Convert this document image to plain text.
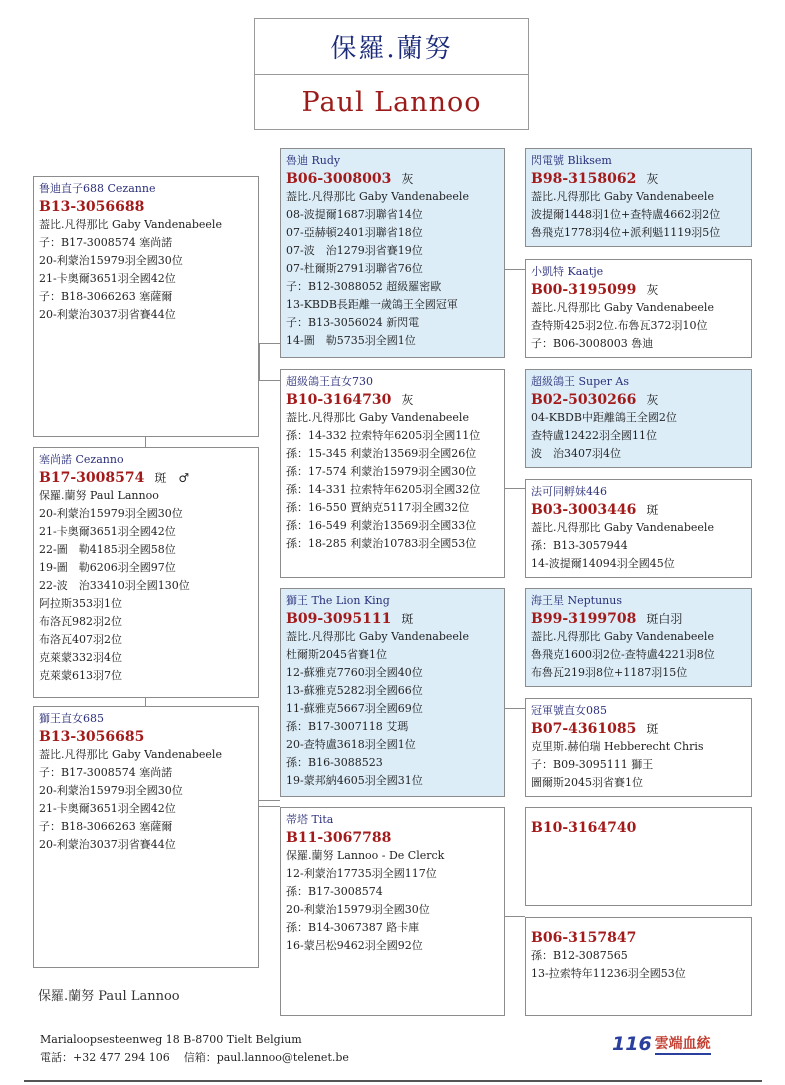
保羅.蘭努
Paul Lannoo
鲁迪直子688 Cezanne
B13-3056688
葢比.凡得那比 Gaby Vandenabeele
子：B17-3008574 塞尚諾
20-利蒙治15979羽全國30位
21-卡奥爾3651羽全國42位
子：B18-3066263 塞薩爾
20-利蒙治3037羽省賽44位
塞尚諾 Cezanno
B17-3008574 斑　♂
保羅.蘭努 Paul Lannoo
20-利蒙治15979羽全國30位
21-卡奥爾3651羽全國42位
22-圖　勒4185羽全國58位
19-圖　勒6206羽全國97位
22-波　治33410羽全國130位
阿拉斯353羽1位
布洛瓦982羽2位
布洛瓦407羽2位
克萊蒙332羽4位
克萊蒙613羽7位
獅王直女685
B13-3056685
葢比.凡得那比 Gaby Vandenabeele
子：B17-3008574 塞尚諾
20-利蒙治15979羽全國30位
21-卡奥爾3651羽全國42位
子：B18-3066263 塞薩爾
20-利蒙治3037羽省賽44位
魯迪 Rudy
B06-3008003 灰
葢比.凡得那比 Gaby Vandenabeele
08-波提爾1687羽聯省14位
07-亞赫頓2401羽聯省18位
07-波　治1279羽省賽19位
07-杜爾斯2791羽聯省76位
子：B12-3088052 超級羅密歐
13-KBDB長距離一歲鴿王全國冠軍
子：B13-3056024 新閃電
14-圖　勒5735羽全國1位
超級鴿王直女730
B10-3164730 灰
葢比.凡得那比 Gaby Vandenabeele
孫：14-332 拉索特年6205羽全國11位
孫：15-345 利蒙治13569羽全國26位
孫：17-574 利蒙治15979羽全國30位
孫：14-331 拉索特年6205羽全國32位
孫：16-550 賈納克5117羽全國32位
孫：16-549 利蒙治13569羽全國33位
孫：18-285 利蒙治10783羽全國53位
獅王 The Lion King
B09-3095111 斑
葢比.凡得那比 Gaby Vandenabeele
杜爾斯2045省賽1位
12-蘇雅克7760羽全國40位
13-蘇雅克5282羽全國66位
11-蘇雅克5667羽全國69位
孫：B17-3007118 艾瑪
20-查特盧3618羽全國1位
孫：B16-3088523
19-蒙邦納4605羽全國31位
蒂塔 Tita
B11-3067788
保羅.蘭努 Lannoo - De Clerck
12-利蒙治17735羽全國117位
孫：B17-3008574
20-利蒙治15979羽全國30位
孫：B14-3067387 路卡庫
16-蒙呂松9462羽全國92位
閃電號 Bliksem
B98-3158062 灰
葢比.凡得那比 Gaby Vandenabeele
波提爾1448羽1位+查特盧4662羽2位
魯飛克1778羽4位+派利魁1119羽5位
小凱特 Kaatje
B00-3195099 灰
葢比.凡得那比 Gaby Vandenabeele
查特斯425羽2位.布魯瓦372羽10位
子：B06-3008003 魯迪
超級鴿王 Super As
B02-5030266 灰
04-KBDB中距離鴿王全國2位
查特盧12422羽全國11位
波　治3407羽4位
法可同孵妹446
B03-3003446 斑
葢比.凡得那比 Gaby Vandenabeele
孫：B13-3057944
14-波提爾14094羽全國45位
海王星 Neptunus
B99-3199708 斑白羽
葢比.凡得那比 Gaby Vandenabeele
魯飛克1600羽2位-查特盧4221羽8位
布魯瓦219羽8位+1187羽15位
冠軍號直女085
B07-4361085 斑
克里斯.赫伯瑞 Hebberecht Chris
子：B09-3095111 獅王
圖爾斯2045羽省賽1位
B10-3164740
B06-3157847
孫：B12-3087565
13-拉索特年11236羽全國53位
保羅.蘭努 Paul Lannoo
Marialoopsesteenweg 18 B-8700 Tielt Belgium
電話：+32 477 294 106 信箱：paul.lannoo@telenet.be
116 雲端血統
